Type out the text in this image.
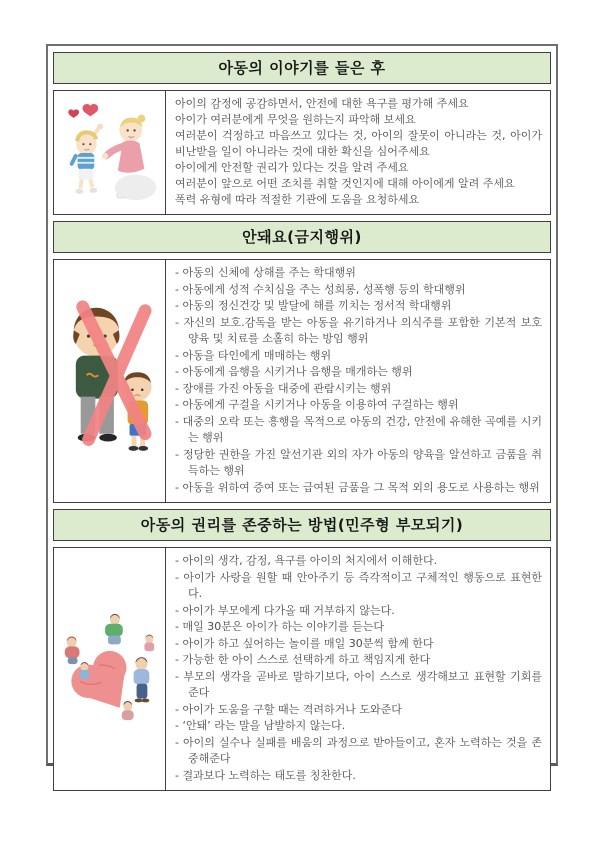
아동의 이야기를 들은 후
아이의 감정에 공감하면서, 안전에 대한 욕구를 평가해 주세요
아이가 여러분에게 무엇을 원하는지 파악해 보세요
여러분이 걱정하고 마음쓰고 있다는 것, 아이의 잘못이 아니라는 것, 아이가 비난받을 일이 아니라는 것에 대한 확신을 심어주세요
아이에게 안전할 권리가 있다는 것을 알려 주세요
여러분이 앞으로 어떤 조치를 취할 것인지에 대해 아이에게 알려 주세요
폭력 유형에 따라 적절한 기관에 도움을 요청하세요
안돼요(금지행위)
- 아동의 신체에 상해를 주는 학대행위
- 아동에게 성적 수치심을 주는 성희롱, 성폭행 등의 학대행위
- 아동의 정신건강 및 발달에 해를 끼치는 정서적 학대행위
- 자신의 보호.감독을 받는 아동을 유기하거나 의식주를 포함한 기본적 보호양육 및 치료를 소홀히 하는 방임 행위
- 아동을 타인에게 매매하는 행위
- 아동에게 음행을 시키거나 음행을 매개하는 행위
- 장애를 가진 아동을 대중에 관람시키는 행위
- 아동에게 구걸을 시키거나 아동을 이용하여 구걸하는 행위
- 대중의 오락 또는 흥행을 목적으로 아동의 건강, 안전에 유해한 곡예를 시키는 행위
- 정당한 권한을 가진 알선기관 외의 자가 아동의 양육을 알선하고 금품을 취득하는 행위
- 아동을 위하여 증여 또는 급여된 금품을 그 목적 외의 용도로 사용하는 행위
아동의 권리를 존중하는 방법(민주형 부모되기)
- 아이의 생각, 감정, 욕구를 아이의 처지에서 이해한다.
- 아이가 사랑을 원할 때 안아주기 등 즉각적이고 구체적인 행동으로 표현한다.
- 아이가 부모에게 다가올 때 거부하지 않는다.
- 매일 30분은 아이가 하는 이야기를 듣는다
- 아이가 하고 싶어하는 놀이를 매일 30분씩 함께 한다
- 가능한 한 아이 스스로 선택하게 하고 책임지게 한다
- 부모의 생각을 곧바로 말하기보다, 아이 스스로 생각해보고 표현할 기회를 준다
- 아이가 도움을 구할 때는 격려하거나 도와준다
- ‘안돼’ 라는 말을 남발하지 않는다.
- 아이의 실수나 실패를 배움의 과정으로 받아들이고, 혼자 노력하는 것을 존중해준다
- 결과보다 노력하는 태도를 칭찬한다.
